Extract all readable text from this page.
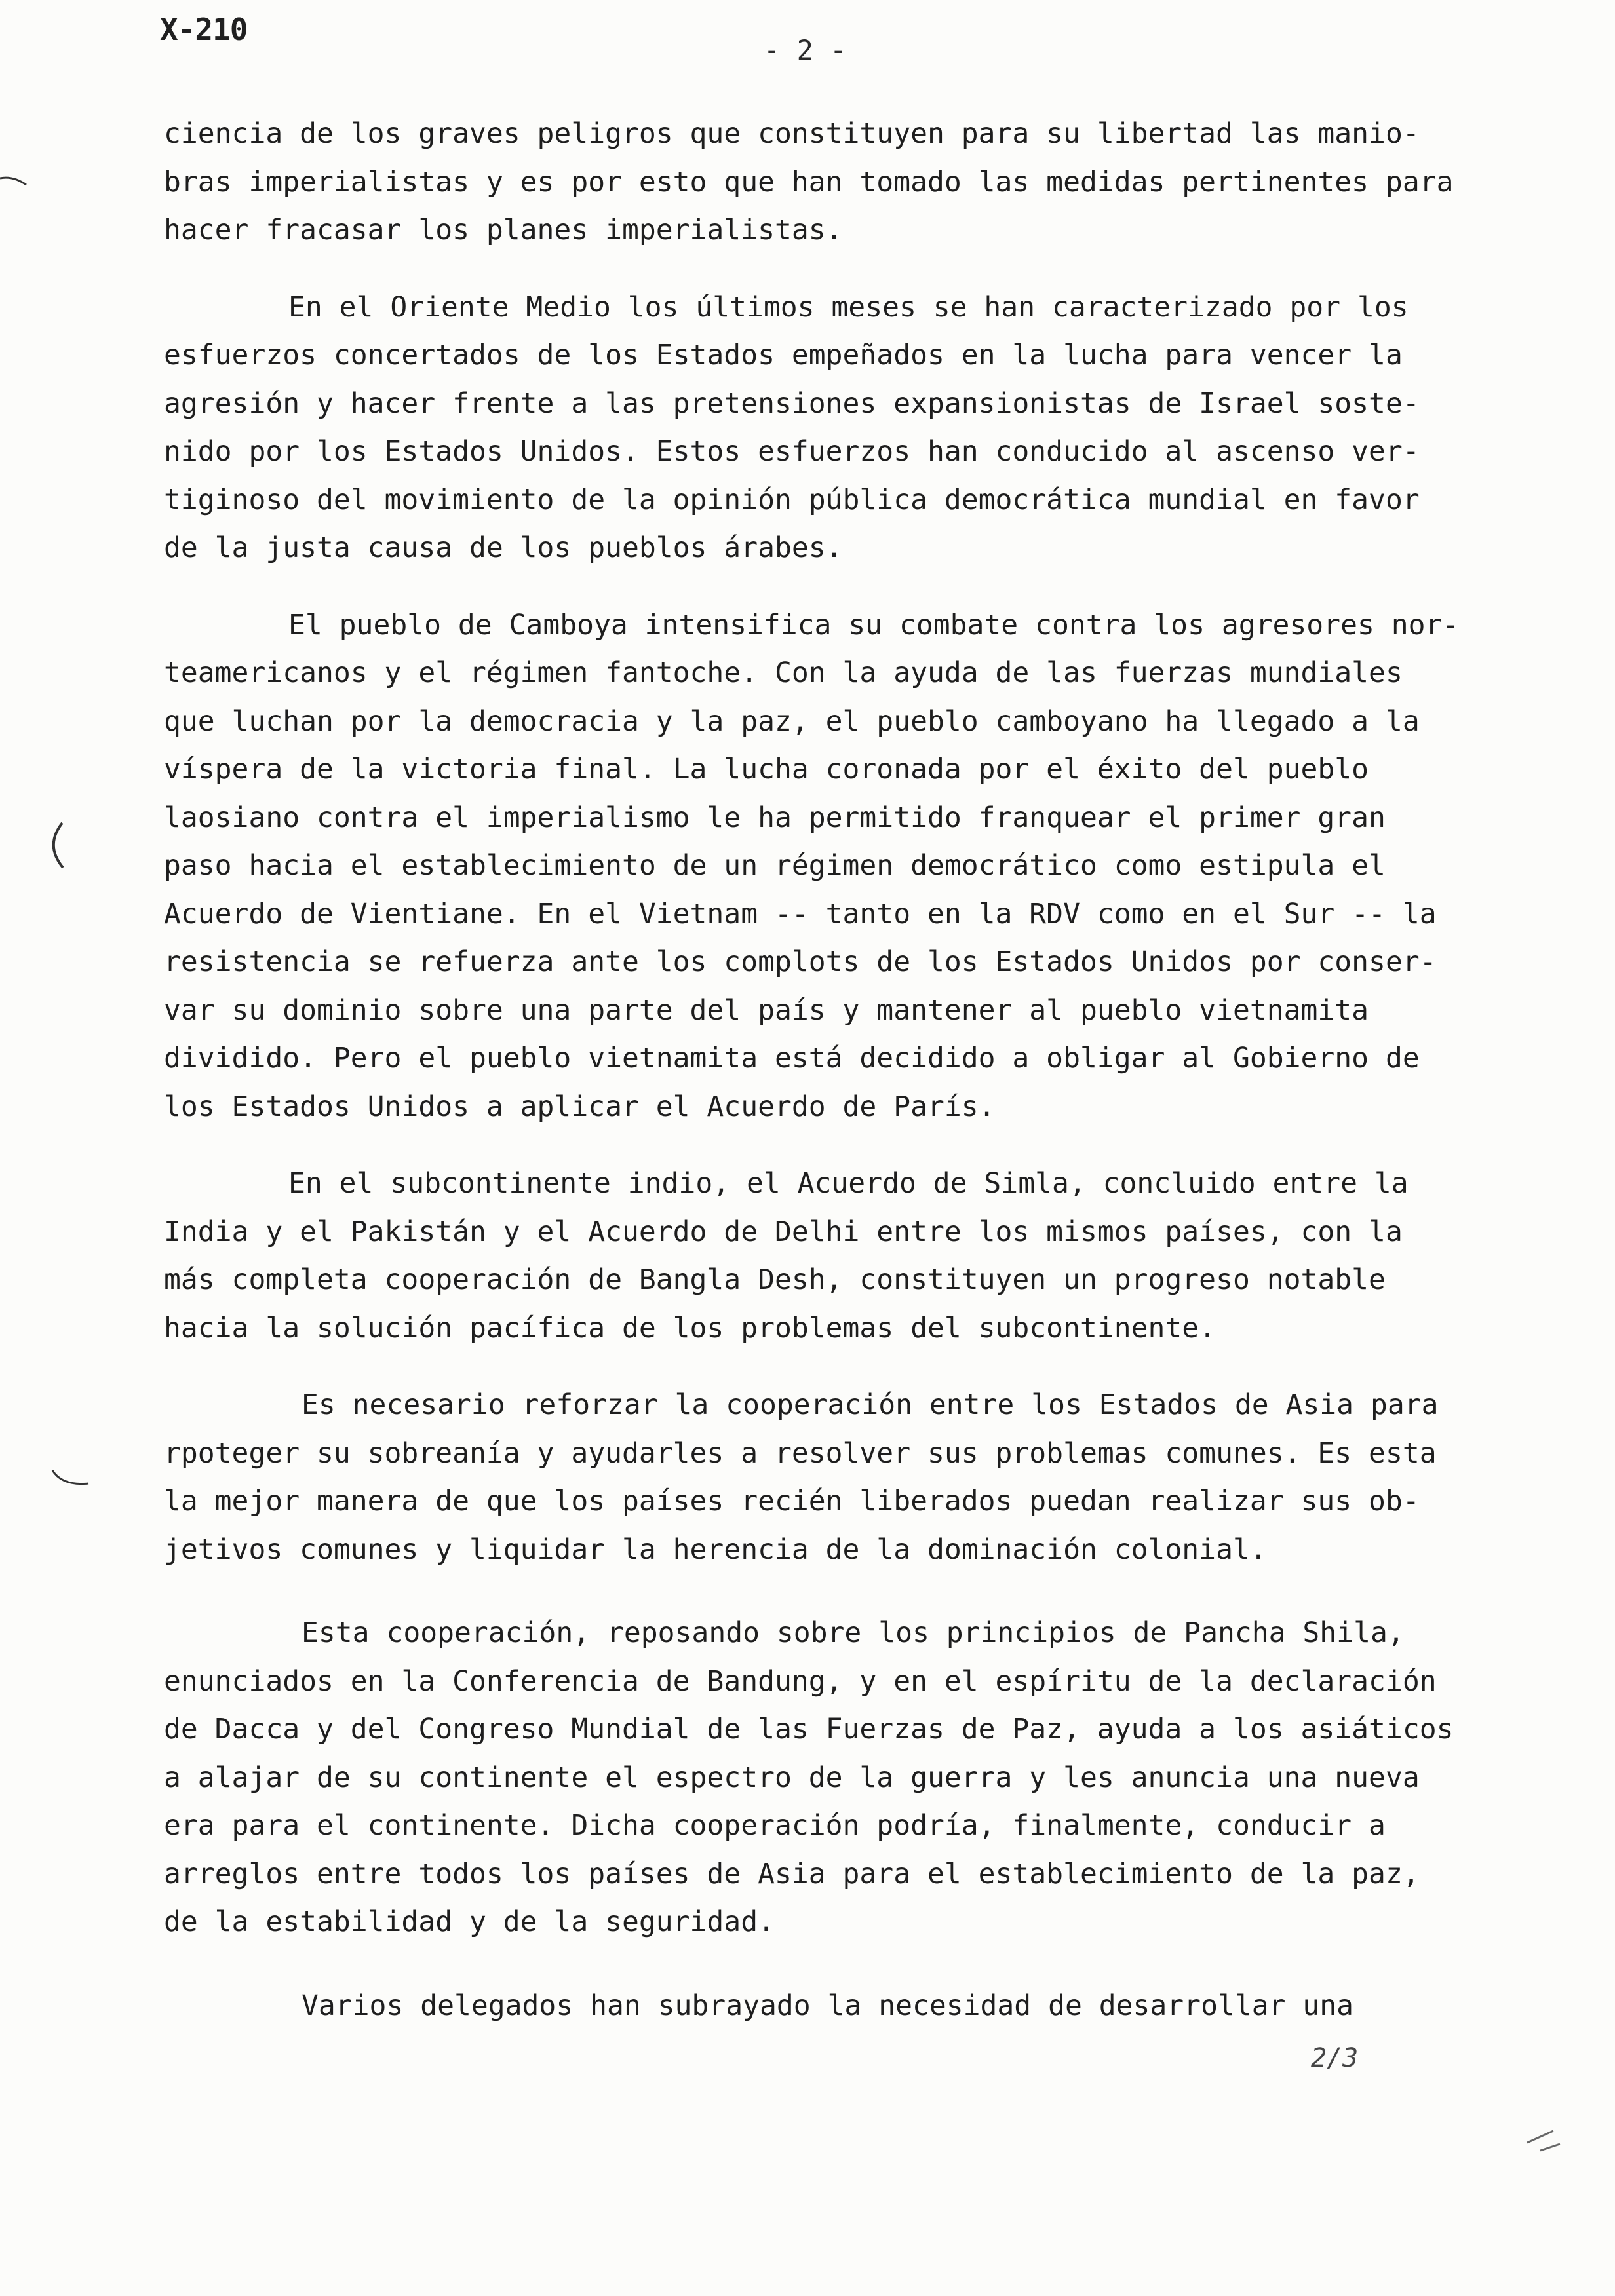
X-210
- 2 -
ciencia de los graves peligros que constituyen para su libertad las manio-
bras imperialistas y es por esto que han tomado las medidas pertinentes para
hacer fracasar los planes imperialistas.
En el Oriente Medio los últimos meses se han caracterizado por los
esfuerzos concertados de los Estados empeñados en la lucha para vencer la
agresión y hacer frente a las pretensiones expansionistas de Israel soste-
nido por los Estados Unidos. Estos esfuerzos han conducido al ascenso ver-
tiginoso del movimiento de la opinión pública democrática mundial en favor
de la justa causa de los pueblos árabes.
El pueblo de Camboya intensifica su combate contra los agresores nor-
teamericanos y el régimen fantoche. Con la ayuda de las fuerzas mundiales
que luchan por la democracia y la paz, el pueblo camboyano ha llegado a la
víspera de la victoria final. La lucha coronada por el éxito del pueblo
laosiano contra el imperialismo le ha permitido franquear el primer gran
paso hacia el establecimiento de un régimen democrático como estipula el
Acuerdo de Vientiane. En el Vietnam -- tanto en la RDV como en el Sur -- la
resistencia se refuerza ante los complots de los Estados Unidos por conser-
var su dominio sobre una parte del país y mantener al pueblo vietnamita
dividido. Pero el pueblo vietnamita está decidido a obligar al Gobierno de
los Estados Unidos a aplicar el Acuerdo de París.
En el subcontinente indio, el Acuerdo de Simla, concluido entre la
India y el Pakistán y el Acuerdo de Delhi entre los mismos países, con la
más completa cooperación de Bangla Desh, constituyen un progreso notable
hacia la solución pacífica de los problemas del subcontinente.
Es necesario reforzar la cooperación entre los Estados de Asia para
rpoteger su sobreanía y ayudarles a resolver sus problemas comunes. Es esta
la mejor manera de que los países recién liberados puedan realizar sus ob-
jetivos comunes y liquidar la herencia de la dominación colonial.
Esta cooperación, reposando sobre los principios de Pancha Shila,
enunciados en la Conferencia de Bandung, y en el espíritu de la declaración
de Dacca y del Congreso Mundial de las Fuerzas de Paz, ayuda a los asiáticos
a alajar de su continente el espectro de la guerra y les anuncia una nueva
era para el continente. Dicha cooperación podría, finalmente, conducir a
arreglos entre todos los países de Asia para el establecimiento de la paz,
de la estabilidad y de la seguridad.
Varios delegados han subrayado la necesidad de desarrollar una
2/3
